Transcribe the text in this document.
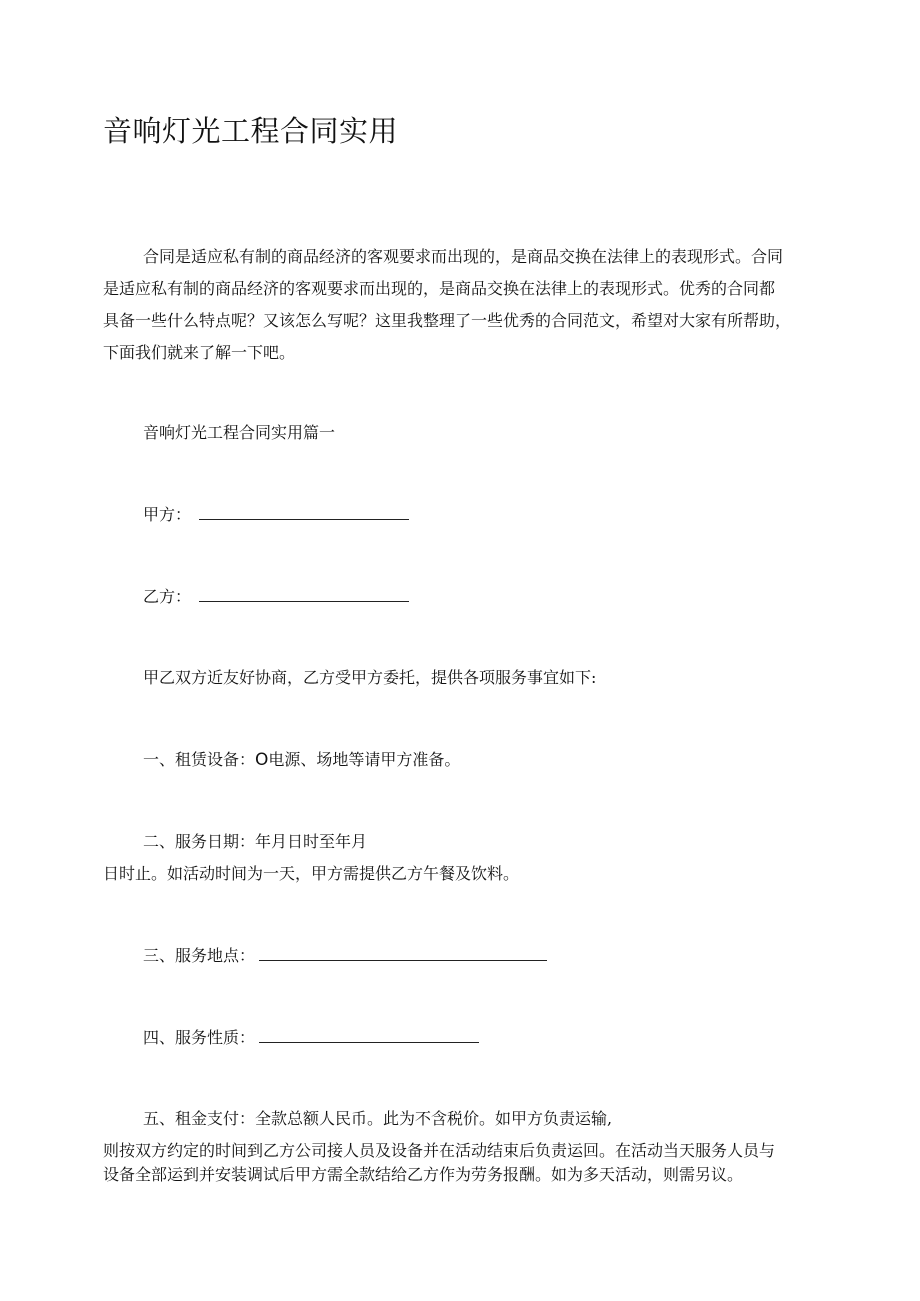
音响灯光工程合同实用
合同是适应私有制的商品经济的客观要求而出现的，是商品交换在法律上的表现形式。合同
是适应私有制的商品经济的客观要求而出现的，是商品交换在法律上的表现形式。优秀的合同都
具备一些什么特点呢？又该怎么写呢？这里我整理了一些优秀的合同范文，希望对大家有所帮助，
下面我们就来了解一下吧。
音响灯光工程合同实用篇一
甲方：
乙方：
甲乙双方近友好协商，乙方受甲方委托，提供各项服务事宜如下:
一、租赁设备：O电源、场地等请甲方准备。
二、服务日期：年月日时至年月
日时止。如活动时间为一天，甲方需提供乙方午餐及饮料。
三、服务地点：
四、服务性质：
五、租金支付：全款总额人民币。此为不含税价。如甲方负责运输,
则按双方约定的时间到乙方公司接人员及设备并在活动结束后负责运回。在活动当天服务人员与
设备全部运到并安装调试后甲方需全款结给乙方作为劳务报酬。如为多天活动，则需另议。
